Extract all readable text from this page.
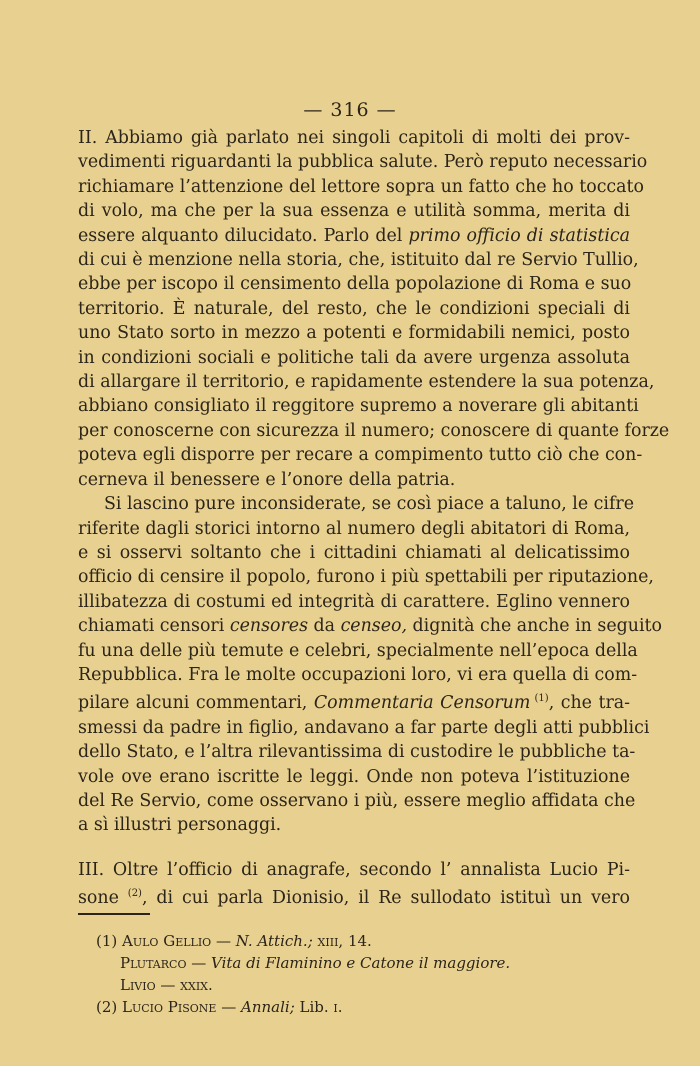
— 316 —
II. Abbiamo già parlato nei singoli capitoli di molti dei prov-
vedimenti riguardanti la pubblica salute. Però reputo necessario
richiamare l’attenzione del lettore sopra un fatto che ho toccato
di volo, ma che per la sua essenza e utilità somma, merita di
essere alquanto dilucidato. Parlo del primo officio di statistica
di cui è menzione nella storia, che, istituito dal re Servio Tullio,
ebbe per iscopo il censimento della popolazione di Roma e suo
territorio. È naturale, del resto, che le condizioni speciali di
uno Stato sorto in mezzo a potenti e formidabili nemici, posto
in condizioni sociali e politiche tali da avere urgenza assoluta
di allargare il territorio, e rapidamente estendere la sua potenza,
abbiano consigliato il reggitore supremo a noverare gli abitanti
per conoscerne con sicurezza il numero; conoscere di quante forze
poteva egli disporre per recare a compimento tutto ciò che con-
cerneva il benessere e l’onore della patria.
Si lascino pure inconsiderate, se così piace a taluno, le cifre
riferite dagli storici intorno al numero degli abitatori di Roma,
e si osservi soltanto che i cittadini chiamati al delicatissimo
officio di censire il popolo, furono i più spettabili per riputazione,
illibatezza di costumi ed integrità di carattere. Eglino vennero
chiamati censori censores da censeo, dignità che anche in seguito
fu una delle più temute e celebri, specialmente nell’epoca della
Repubblica. Fra le molte occupazioni loro, vi era quella di com-
pilare alcuni commentari, Commentaria Censorum $^{(1)}$, che tra-
smessi da padre in figlio, andavano a far parte degli atti pubblici
dello Stato, e l’altra rilevantissima di custodire le pubbliche ta-
vole ove erano iscritte le leggi. Onde non poteva l’istituzione
del Re Servio, come osservano i più, essere meglio affidata che
a sì illustri personaggi.
III. Oltre l’officio di anagrafe, secondo l’ annalista Lucio Pi-
sone $^{(2)}$, di cui parla Dionisio, il Re sullodato istituì un vero
(1) Aulo Gellio — N. Attich.; xiii, 14.
Plutarco — Vita di Flaminino e Catone il maggiore.
Livio — xxix.
(2) Lucio Pisone — Annali; Lib. i.
